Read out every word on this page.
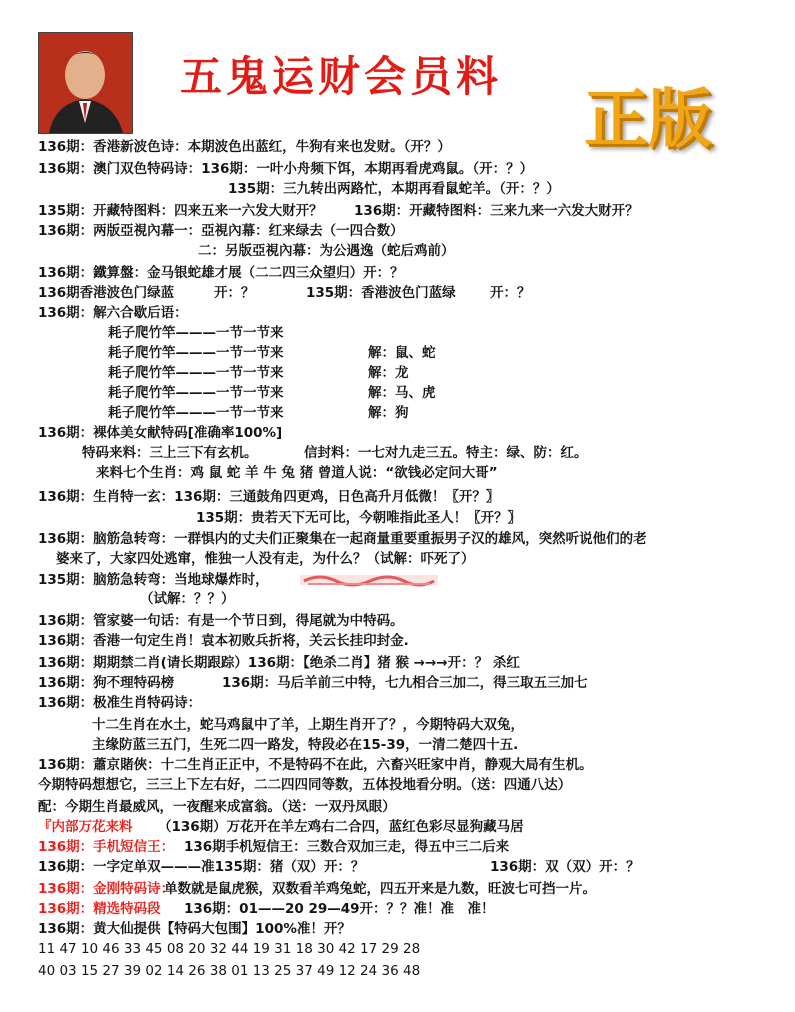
五鬼运财会员料
正版
136期：香港新波色诗：本期波色出蓝红，牛狗有来也发财。（开？）
136期：澳门双色特码诗：136期：一叶小舟频下饵，本期再看虎鸡鼠。（开：？）
135期：三九转出两路忙，本期再看鼠蛇羊。（开：？）
135期：开藏特图料：四来五来一六发大财开？ 136期：开藏特图料：三来九来一六发大财开？
136期：两版亞視內幕一：亞視內幕：红来绿去（一四合数）
二：另版亞視內幕：为公遇逸（蛇后鸡前）
136期：鐵算盤：金马银蛇雄才展（二二四三众望归）开：？
136期香港波色门绿蓝	开：？	135期：香港波色门蓝绿	开：？
136期：解六合歇后语：
耗子爬竹竿———一节一节来
耗子爬竹竿———一节一节来	解：鼠、蛇
耗子爬竹竿———一节一节来	解：龙
耗子爬竹竿———一节一节来	解：马、虎
耗子爬竹竿———一节一节来	解：狗
136期：裸体美女献特码[准确率100%]
特码来料：三上三下有玄机。	信封料：一七对九走三五。特主：绿、防：红。
来料七个生肖：鸡 鼠 蛇 羊 牛 兔 猪 曾道人说：“欲钱必定问大哥”
136期：生肖特一玄：136期：三通鼓角四更鸡，日色高升月低微！〖开？〗
135期：贵若天下无可比，今朝唯指此圣人！〖开？〗
136期：脑筋急转弯：一群惧内的丈夫们正聚集在一起商量重要重振男子汉的雄风，突然听说他们的老
婆来了，大家四处逃窜，惟独一人没有走，为什么？（试解：吓死了）
135期：脑筋急转弯：当地球爆炸时，
（试解：？？）
136期：管家婆一句话：有是一个节日到，得尾就为中特码。
136期：香港一句定生肖！袁本初败兵折将，关云长挂印封金.
136期：期期禁二肖(请长期跟踪）136期：【绝杀二肖】猪 猴 →→→开：？ 杀红
136期：狗不理特码榜	136期：马后羊前三中特，七九相合三加二，得三取五三加七
136期：极准生肖特码诗：
十二生肖在水土，蛇马鸡鼠中了羊，上期生肖开了？，今期特码大双兔，
主缘防蓝三五门，生死二四一路发，特段必在15-39，一清二楚四十五.
136期：蕭京賭俠：十二生肖正正中，不是特码不在此，六畜兴旺家中肖，静观大局有生机。
今期特码想想它，三三上下左右好，二二四四同等数，五体投地看分明。（送：四通八达）
配：今期生肖最威风，一夜醒来成富翁。（送：一双丹凤眼）
『内部万花来料 （136期）万花开在羊左鸡右二合四，蓝红色彩尽显狗藏马居
136期：手机短信王： 136期手机短信王：三数合双加三走，得五中三二后来
136期：一字定单双———准135期：猪（双）开：？	136期：双（双）开：？
136期：金刚特码诗：
单数就是鼠虎猴，双数看羊鸡兔蛇，四五开来是九数，旺波七可挡一片。
136期：精选特码段 136期：01——20 29—49开：？？准！准　准！
136期：黄大仙提供【特码大包围】100%准！开？
11 47 10 46 33 45 08 20 32 44 19 31 18 30 42 17 29 28
40 03 15 27 39 02 14 26 38 01 13 25 37 49 12 24 36 48
